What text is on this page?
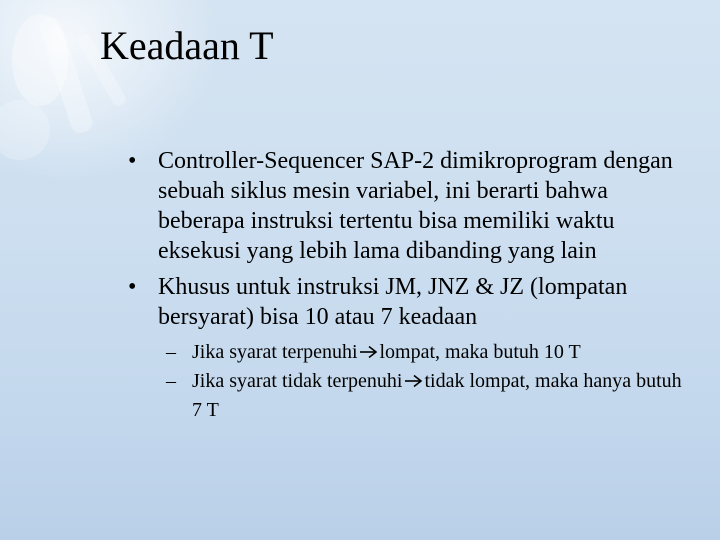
Keadaan T
• Controller-Sequencer SAP-2 dimikroprogram dengan sebuah siklus mesin variabel, ini berarti bahwa beberapa instruksi tertentu bisa memiliki waktu eksekusi yang lebih lama dibanding yang lain
• Khusus untuk instruksi JM, JNZ & JZ (lompatan bersyarat) bisa 10 atau 7 keadaan
– Jika syarat terpenuhi lompat, maka butuh 10 T
– Jika syarat tidak terpenuhi tidak lompat, maka hanya butuh 7 T
